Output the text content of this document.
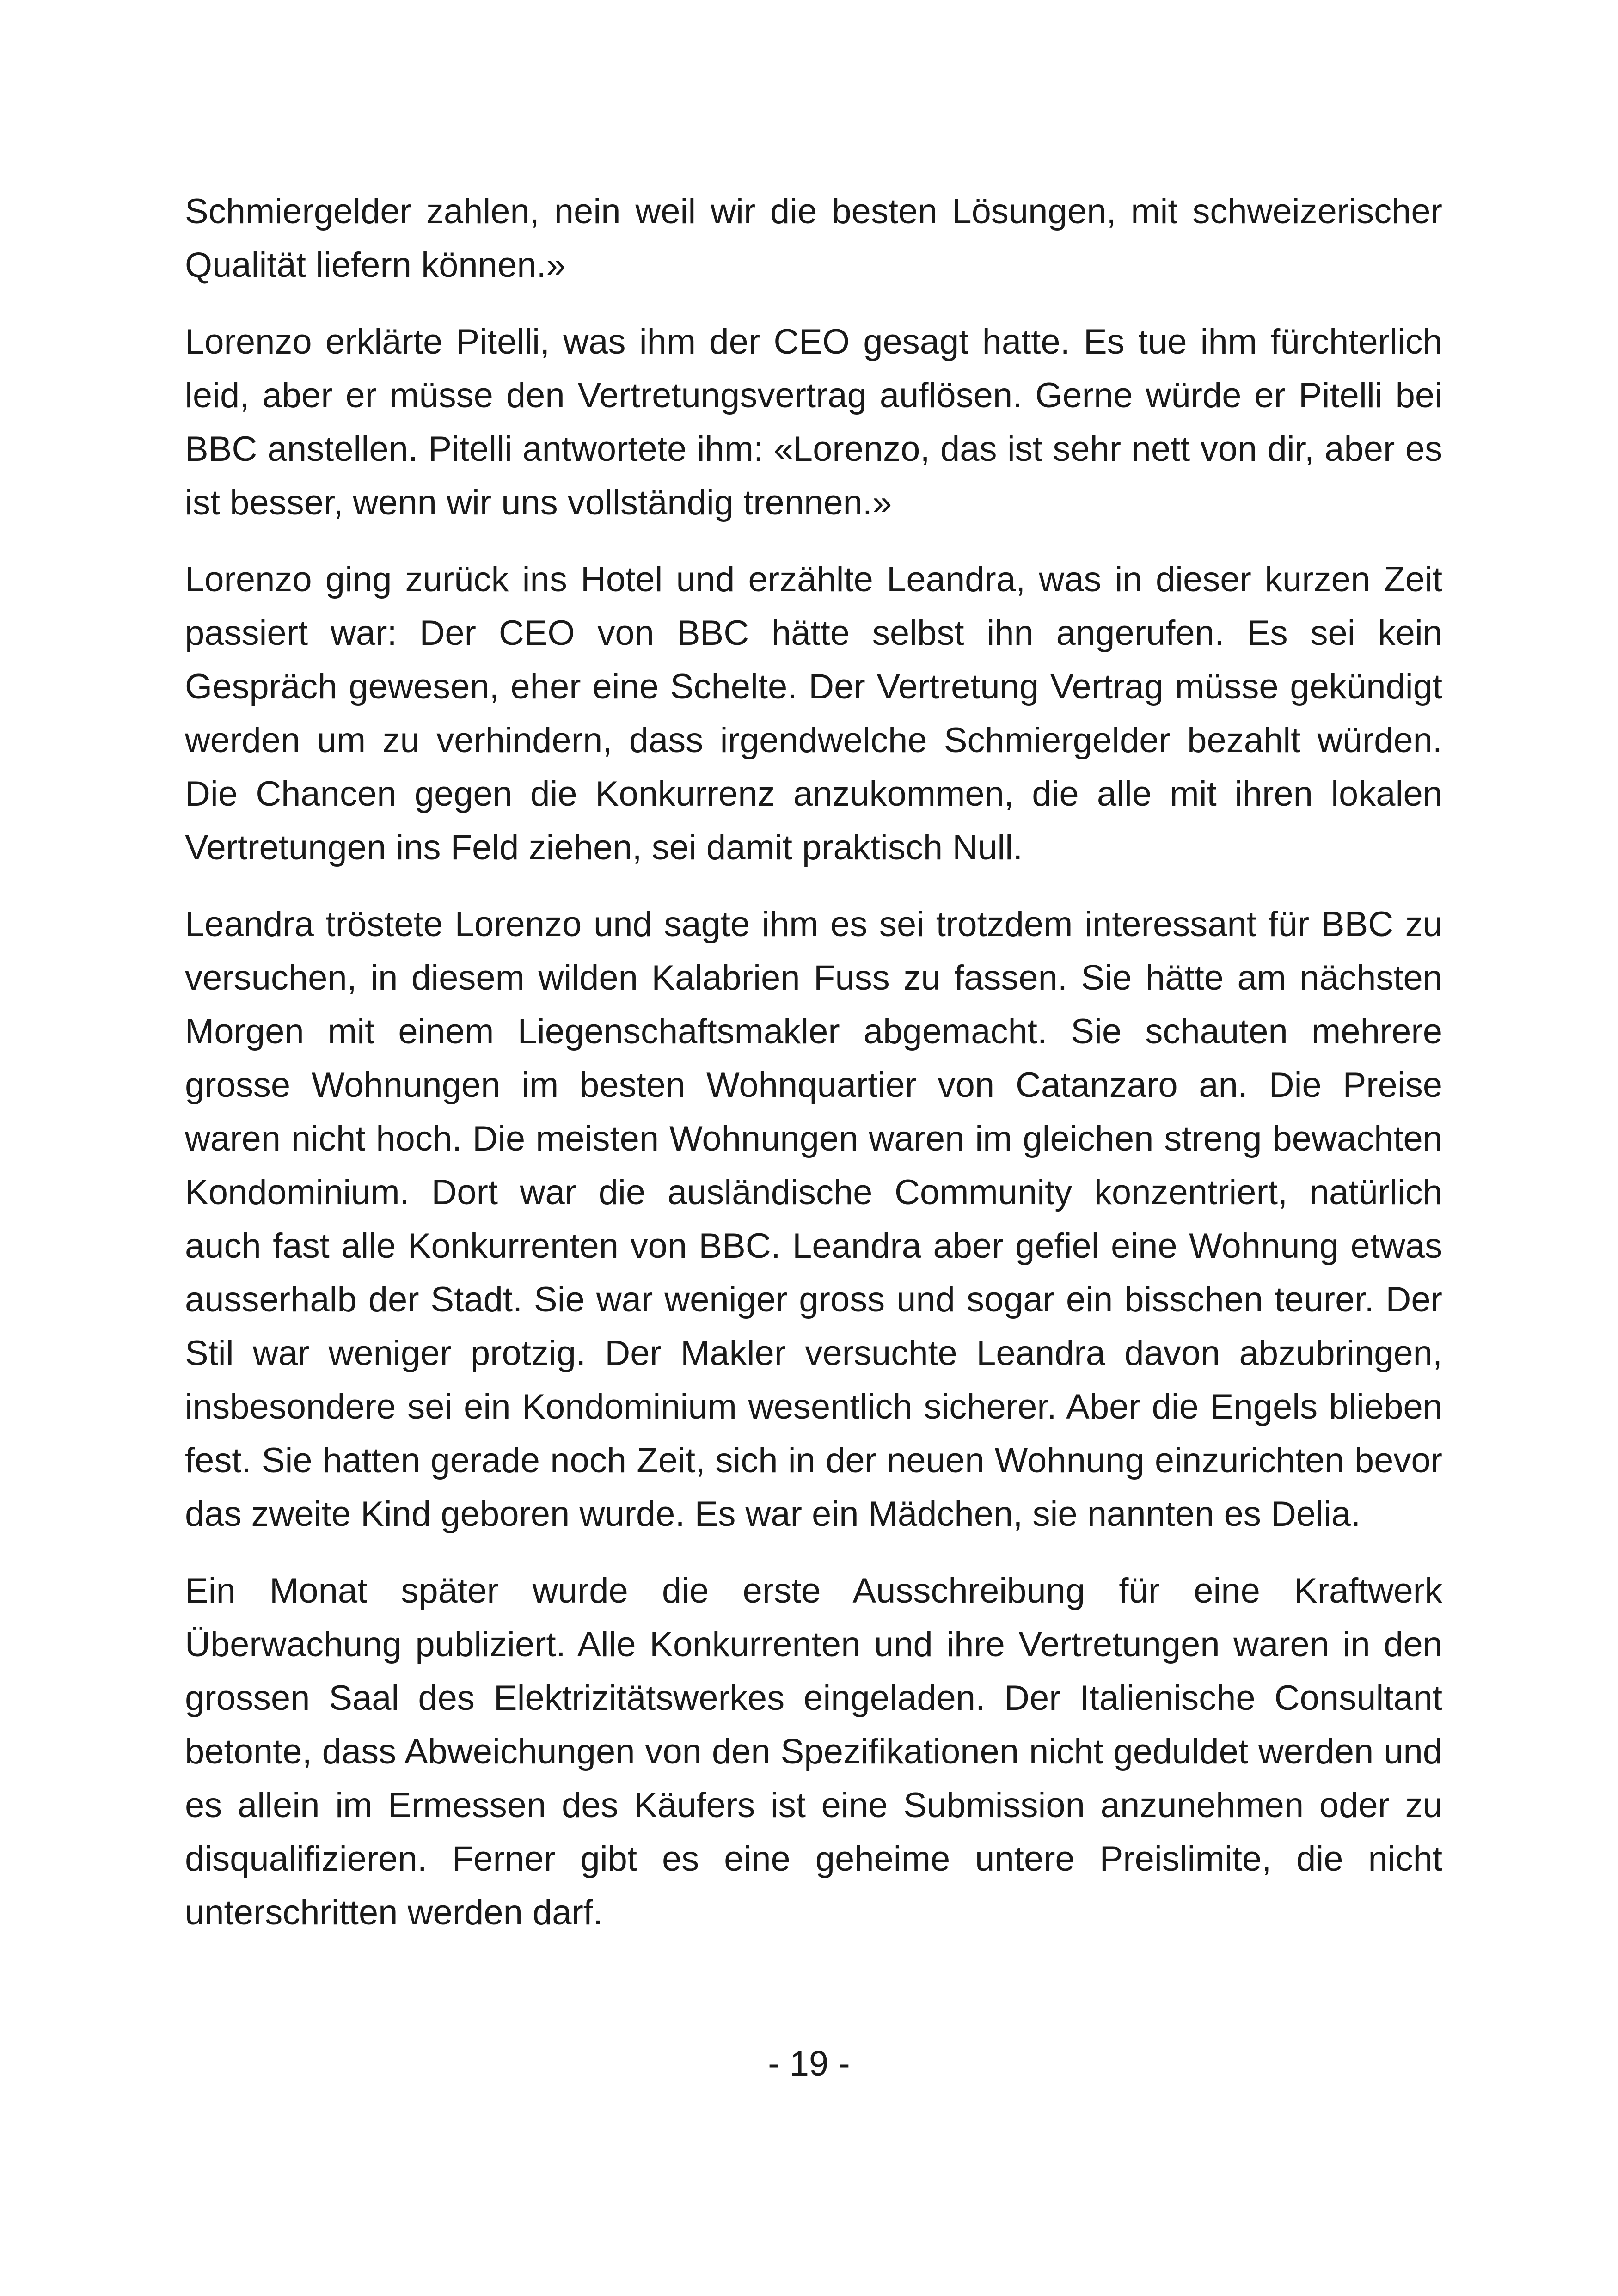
Schmiergelder zahlen, nein weil wir die besten Lösungen, mit schweizerischer Qualität liefern können.»

Lorenzo erklärte Pitelli, was ihm der CEO gesagt hatte. Es tue ihm fürchterlich leid, aber er müsse den Vertretungsvertrag auflösen. Gerne würde er Pitelli bei BBC anstellen. Pitelli antwortete ihm: «Lorenzo, das ist sehr nett von dir, aber es ist besser, wenn wir uns vollständig trennen.»

Lorenzo ging zurück ins Hotel und erzählte Leandra, was in dieser kurzen Zeit passiert war: Der CEO von BBC hätte selbst ihn angerufen. Es sei kein Gespräch gewesen, eher eine Schelte. Der Vertretung Vertrag müsse gekündigt werden um zu verhindern, dass irgendwelche Schmiergelder bezahlt würden. Die Chancen gegen die Konkurrenz anzukommen, die alle mit ihren lokalen Vertretungen ins Feld ziehen, sei damit praktisch Null.

Leandra tröstete Lorenzo und sagte ihm es sei trotzdem interessant für BBC zu versuchen, in diesem wilden Kalabrien Fuss zu fassen. Sie hätte am nächsten Morgen mit einem Liegenschaftsmakler abgemacht. Sie schauten mehrere grosse Wohnungen im besten Wohnquartier von Catanzaro an. Die Preise waren nicht hoch. Die meisten Wohnungen waren im gleichen streng bewachten Kondominium. Dort war die ausländische Community konzentriert, natürlich auch fast alle Konkurrenten von BBC. Leandra aber gefiel eine Wohnung etwas ausserhalb der Stadt. Sie war weniger gross und sogar ein bisschen teurer. Der Stil war weniger protzig. Der Makler versuchte Leandra davon abzubringen, insbesondere sei ein Kondominium wesentlich sicherer. Aber die Engels blieben fest. Sie hatten gerade noch Zeit, sich in der neuen Wohnung einzurichten bevor das zweite Kind geboren wurde. Es war ein Mädchen, sie nannten es Delia.

Ein Monat später wurde die erste Ausschreibung für eine Kraftwerk Überwachung publiziert. Alle Konkurrenten und ihre Vertretungen waren in den grossen Saal des Elektrizitätswerkes eingeladen. Der Italienische Consultant betonte, dass Abweichungen von den Spezifikationen nicht geduldet werden und es allein im Ermessen des Käufers ist eine Submission anzunehmen oder zu disqualifizieren. Ferner gibt es eine geheime untere Preislimite, die nicht unterschritten werden darf.

- 19 -
